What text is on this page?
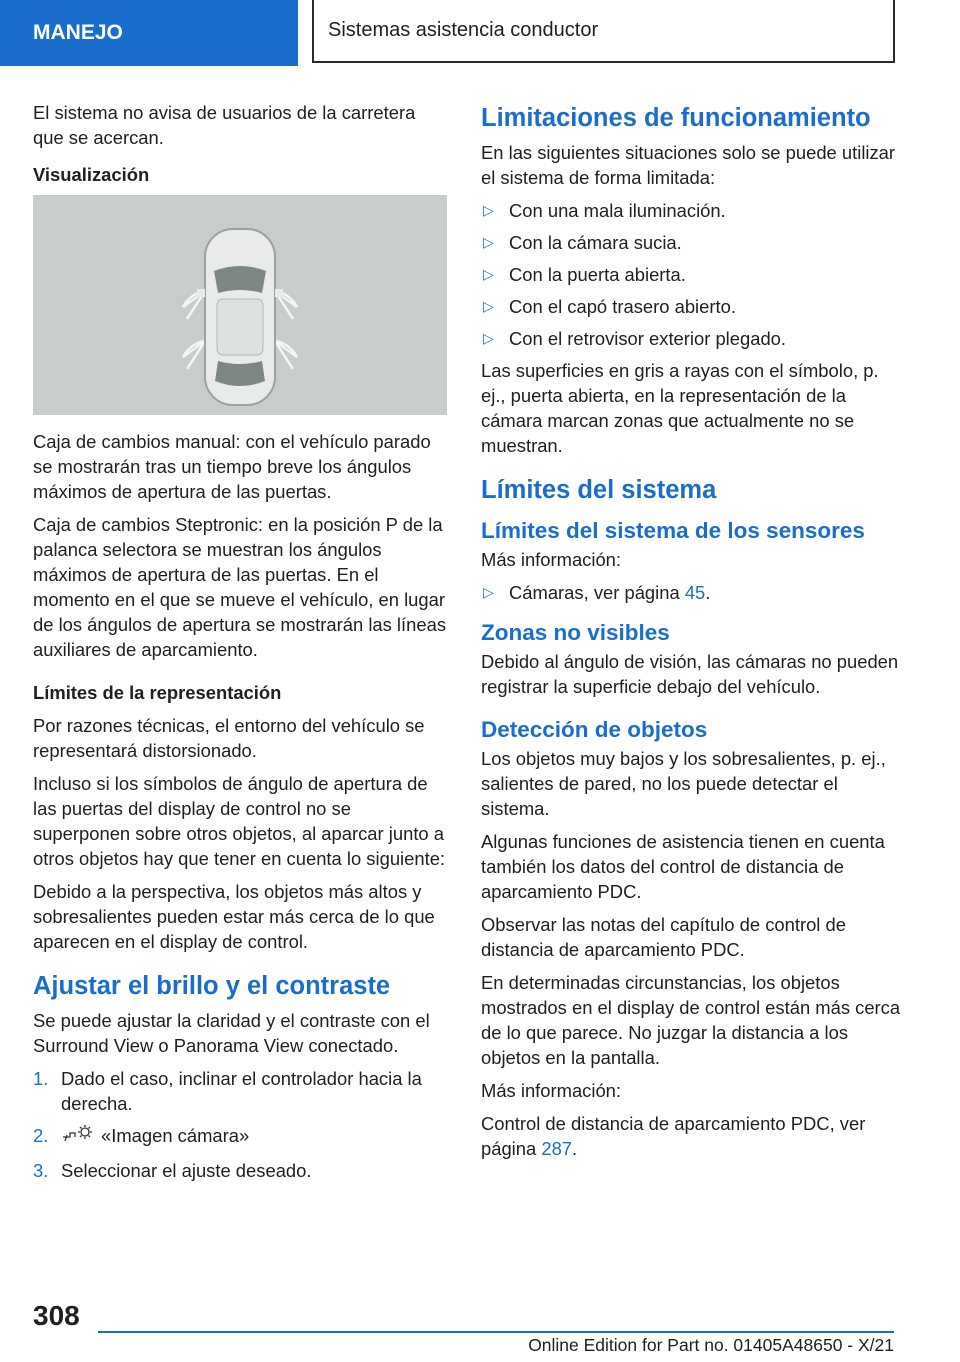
MANEJO	Sistemas asistencia conductor

El sistema no avisa de usuarios de la carretera que se acercan.

Visualización

Caja de cambios manual: con el vehículo parado se mostrarán tras un tiempo breve los ángulos máximos de apertura de las puertas.

Caja de cambios Steptronic: en la posición P de la palanca selectora se muestran los ángulos máximos de apertura de las puertas. En el momento en el que se mueve el vehículo, en lugar de los ángulos de apertura se mostrarán las líneas auxiliares de aparcamiento.

Límites de la representación

Por razones técnicas, el entorno del vehículo se representará distorsionado.

Incluso si los símbolos de ángulo de apertura de las puertas del display de control no se superponen sobre otros objetos, al aparcar junto a otros objetos hay que tener en cuenta lo siguiente:

Debido a la perspectiva, los objetos más altos y sobresalientes pueden estar más cerca de lo que aparecen en el display de control.

Ajustar el brillo y el contraste

Se puede ajustar la claridad y el contraste con el Surround View o Panorama View conectado.

1. Dado el caso, inclinar el controlador hacia la derecha.
2.	«Imagen cámara»
3. Seleccionar el ajuste deseado.
Limitaciones de funcionamiento

En las siguientes situaciones solo se puede utilizar el sistema de forma limitada:

▷ Con una mala iluminación.
▷ Con la cámara sucia.
▷ Con la puerta abierta.
▷ Con el capó trasero abierto.
▷ Con el retrovisor exterior plegado.

Las superficies en gris a rayas con el símbolo, p. ej., puerta abierta, en la representación de la cámara marcan zonas que actualmente no se muestran.

Límites del sistema

Límites del sistema de los sensores

Más información:

▷ Cámaras, ver página 45.

Zonas no visibles

Debido al ángulo de visión, las cámaras no pueden registrar la superficie debajo del vehículo.

Detección de objetos

Los objetos muy bajos y los sobresalientes, p. ej., salientes de pared, no los puede detectar el sistema.

Algunas funciones de asistencia tienen en cuenta también los datos del control de distancia de aparcamiento PDC.

Observar las notas del capítulo de control de distancia de aparcamiento PDC.

En determinadas circunstancias, los objetos mostrados en el display de control están más cerca de lo que parece. No juzgar la distancia a los objetos en la pantalla.

Más información:

Control de distancia de aparcamiento PDC, ver página 287.

308
Online Edition for Part no. 01405A48650 - X/21
